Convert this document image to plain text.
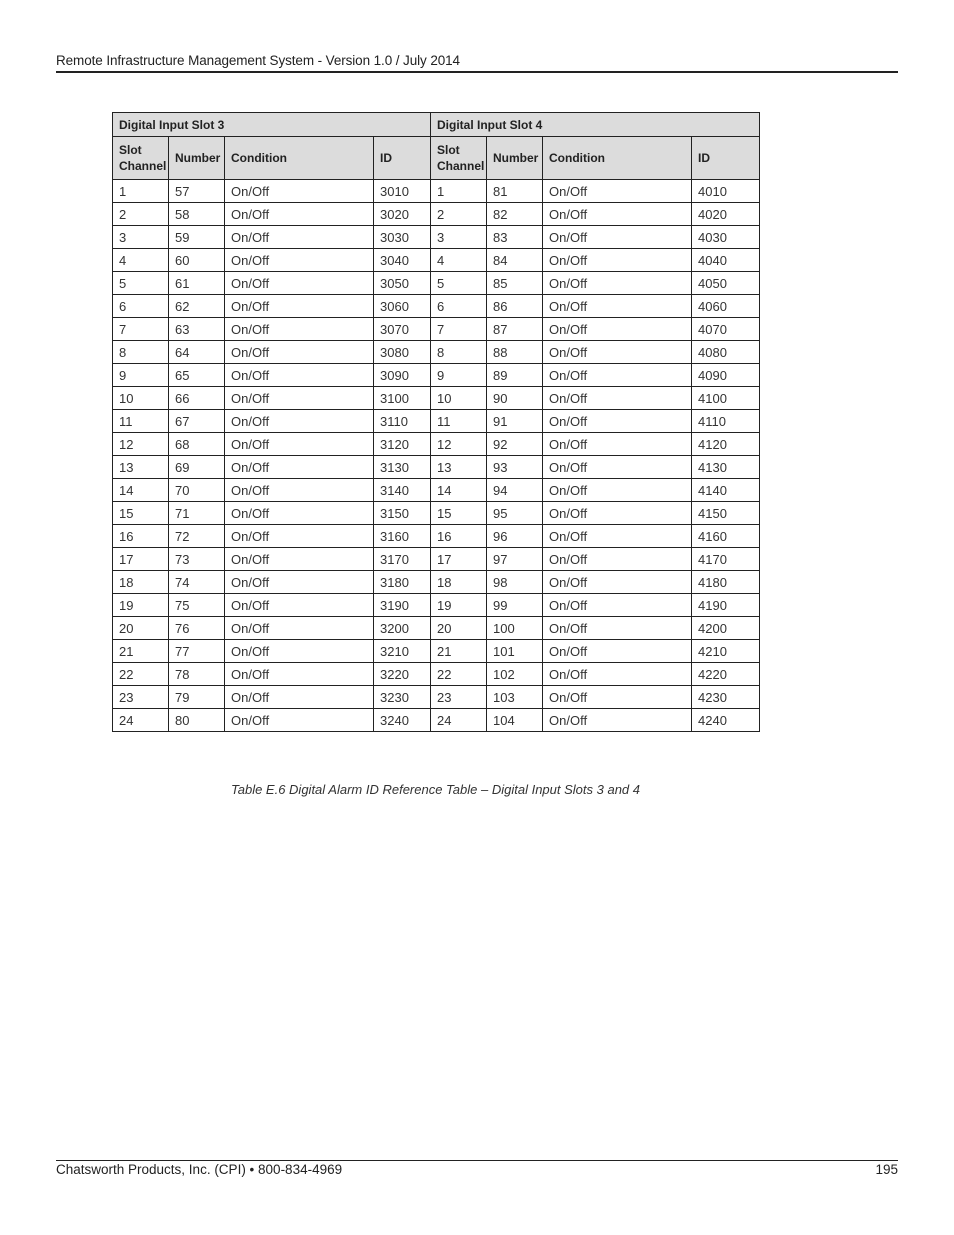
Remote Infrastructure Management System - Version 1.0 / July 2014
Digital Input Slot 3				Digital Input Slot 4			
Slot Channel	Number	Condition	ID	Slot Channel	Number	Condition	ID
1	57	On/Off	3010	1	81	On/Off	4010
2	58	On/Off	3020	2	82	On/Off	4020
3	59	On/Off	3030	3	83	On/Off	4030
4	60	On/Off	3040	4	84	On/Off	4040
5	61	On/Off	3050	5	85	On/Off	4050
6	62	On/Off	3060	6	86	On/Off	4060
7	63	On/Off	3070	7	87	On/Off	4070
8	64	On/Off	3080	8	88	On/Off	4080
9	65	On/Off	3090	9	89	On/Off	4090
10	66	On/Off	3100	10	90	On/Off	4100
11	67	On/Off	3110	11	91	On/Off	4110
12	68	On/Off	3120	12	92	On/Off	4120
13	69	On/Off	3130	13	93	On/Off	4130
14	70	On/Off	3140	14	94	On/Off	4140
15	71	On/Off	3150	15	95	On/Off	4150
16	72	On/Off	3160	16	96	On/Off	4160
17	73	On/Off	3170	17	97	On/Off	4170
18	74	On/Off	3180	18	98	On/Off	4180
19	75	On/Off	3190	19	99	On/Off	4190
20	76	On/Off	3200	20	100	On/Off	4200
21	77	On/Off	3210	21	101	On/Off	4210
22	78	On/Off	3220	22	102	On/Off	4220
23	79	On/Off	3230	23	103	On/Off	4230
24	80	On/Off	3240	24	104	On/Off	4240
Table E.6 Digital Alarm ID Reference Table – Digital Input Slots 3 and 4
Chatsworth Products, Inc. (CPI) • 800-834-4969	195
